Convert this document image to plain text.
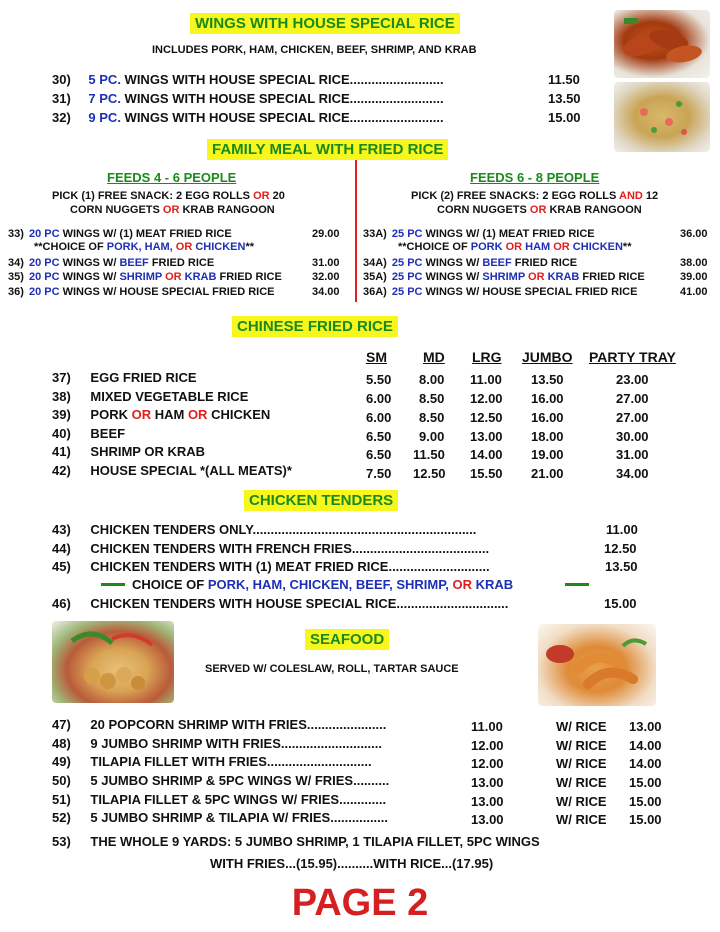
WINGS WITH HOUSE SPECIAL RICE
INCLUDES PORK, HAM, CHICKEN, BEEF, SHRIMP, AND KRAB
30) 5 PC. WINGS WITH HOUSE SPECIAL RICE..........................	11.50
31) 7 PC. WINGS WITH HOUSE SPECIAL RICE..........................	13.50
32) 9 PC. WINGS WITH HOUSE SPECIAL RICE..........................	15.00
FAMILY MEAL WITH FRIED RICE
FEEDS 4 - 6 PEOPLE
PICK (1) FREE SNACK: 2 EGG ROLLS OR 20
CORN NUGGETS OR KRAB RANGOON
33) 20 PC WINGS W/ (1) MEAT FRIED RICE	29.00
**CHOICE OF PORK, HAM, OR CHICKEN**
34) 20 PC WINGS W/ BEEF FRIED RICE	31.00
35) 20 PC WINGS W/ SHRIMP OR KRAB FRIED RICE	32.00
36) 20 PC WINGS W/ HOUSE SPECIAL FRIED RICE	34.00
FEEDS 6 - 8 PEOPLE
PICK (2) FREE SNACKS: 2 EGG ROLLS AND 12
CORN NUGGETS OR KRAB RANGOON
33A) 25 PC WINGS W/ (1) MEAT FRIED RICE	36.00
**CHOICE OF PORK OR HAM OR CHICKEN**
34A) 25 PC WINGS W/ BEEF FRIED RICE	38.00
35A) 25 PC WINGS W/ SHRIMP OR KRAB FRIED RICE	39.00
36A) 25 PC WINGS W/ HOUSE SPECIAL FRIED RICE	41.00
CHINESE FRIED RICE
SM	MD LRG JUMBO PARTY TRAY
37) EGG FRIED RICE	5.50 8.00 11.00 13.50	23.00
38) MIXED VEGETABLE RICE	6.00 8.50 12.00 16.00	27.00
39) PORK OR HAM OR CHICKEN	6.00 8.50 12.50 16.00	27.00
40) BEEF	6.50 9.00 13.00 18.00	30.00
41) SHRIMP OR KRAB	6.50 11.50 14.00 19.00	31.00
42) HOUSE SPECIAL *(ALL MEATS)*	7.50 12.50 15.50 21.00	34.00
CHICKEN TENDERS
43) CHICKEN TENDERS ONLY..............................................................	11.00
44) CHICKEN TENDERS WITH FRENCH FRIES......................................	12.50
45) CHICKEN TENDERS WITH (1) MEAT FRIED RICE............................	13.50
CHOICE OF PORK, HAM, CHICKEN, BEEF, SHRIMP, OR KRAB
46) CHICKEN TENDERS WITH HOUSE SPECIAL RICE...............................	15.00
SEAFOOD
SERVED W/ COLESLAW, ROLL, TARTAR SAUCE
47) 20 POPCORN SHRIMP WITH FRIES......................	11.00	W/ RICE 13.00
48) 9 JUMBO SHRIMP WITH FRIES............................	12.00	W/ RICE 14.00
49) TILAPIA FILLET WITH FRIES.............................	12.00	W/ RICE 14.00
50) 5 JUMBO SHRIMP & 5PC WINGS W/ FRIES..........	13.00	W/ RICE 15.00
51) TILAPIA FILLET & 5PC WINGS W/ FRIES.............	13.00	W/ RICE 15.00
52) 5 JUMBO SHRIMP & TILAPIA W/ FRIES................	13.00	W/ RICE 15.00
53) THE WHOLE 9 YARDS: 5 JUMBO SHRIMP, 1 TILAPIA FILLET, 5PC WINGS
WITH FRIES...(15.95)..........WITH RICE...(17.95)
PAGE 2
